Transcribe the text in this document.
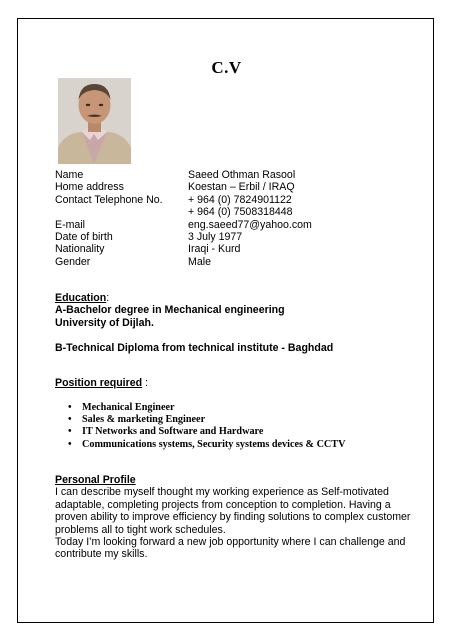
C.V
Name	Saeed Othman Rasool
Home address	Koestan – Erbil / IRAQ
Contact Telephone No. + 964 (0) 7824901122
+ 964 (0) 7508318448
E-mail	eng.saeed77@yahoo.com
Date of birth	3 July 1977
Nationality	Iraqi - Kurd
Gender	Male
Education:
A-Bachelor degree in Mechanical engineering
University of Dijlah.
B-Technical Diploma from technical institute - Baghdad
Position required :
• Mechanical Engineer
• Sales & marketing Engineer
• IT Networks and Software and Hardware
• Communications systems, Security systems devices & CCTV
Personal Profile

I can describe myself thought my working experience as Self-motivated adaptable, completing projects from conception to completion. Having a proven ability to improve efficiency by finding solutions to complex customer problems all to tight work schedules.

Today I’m looking forward a new job opportunity where I can challenge and contribute my skills.
